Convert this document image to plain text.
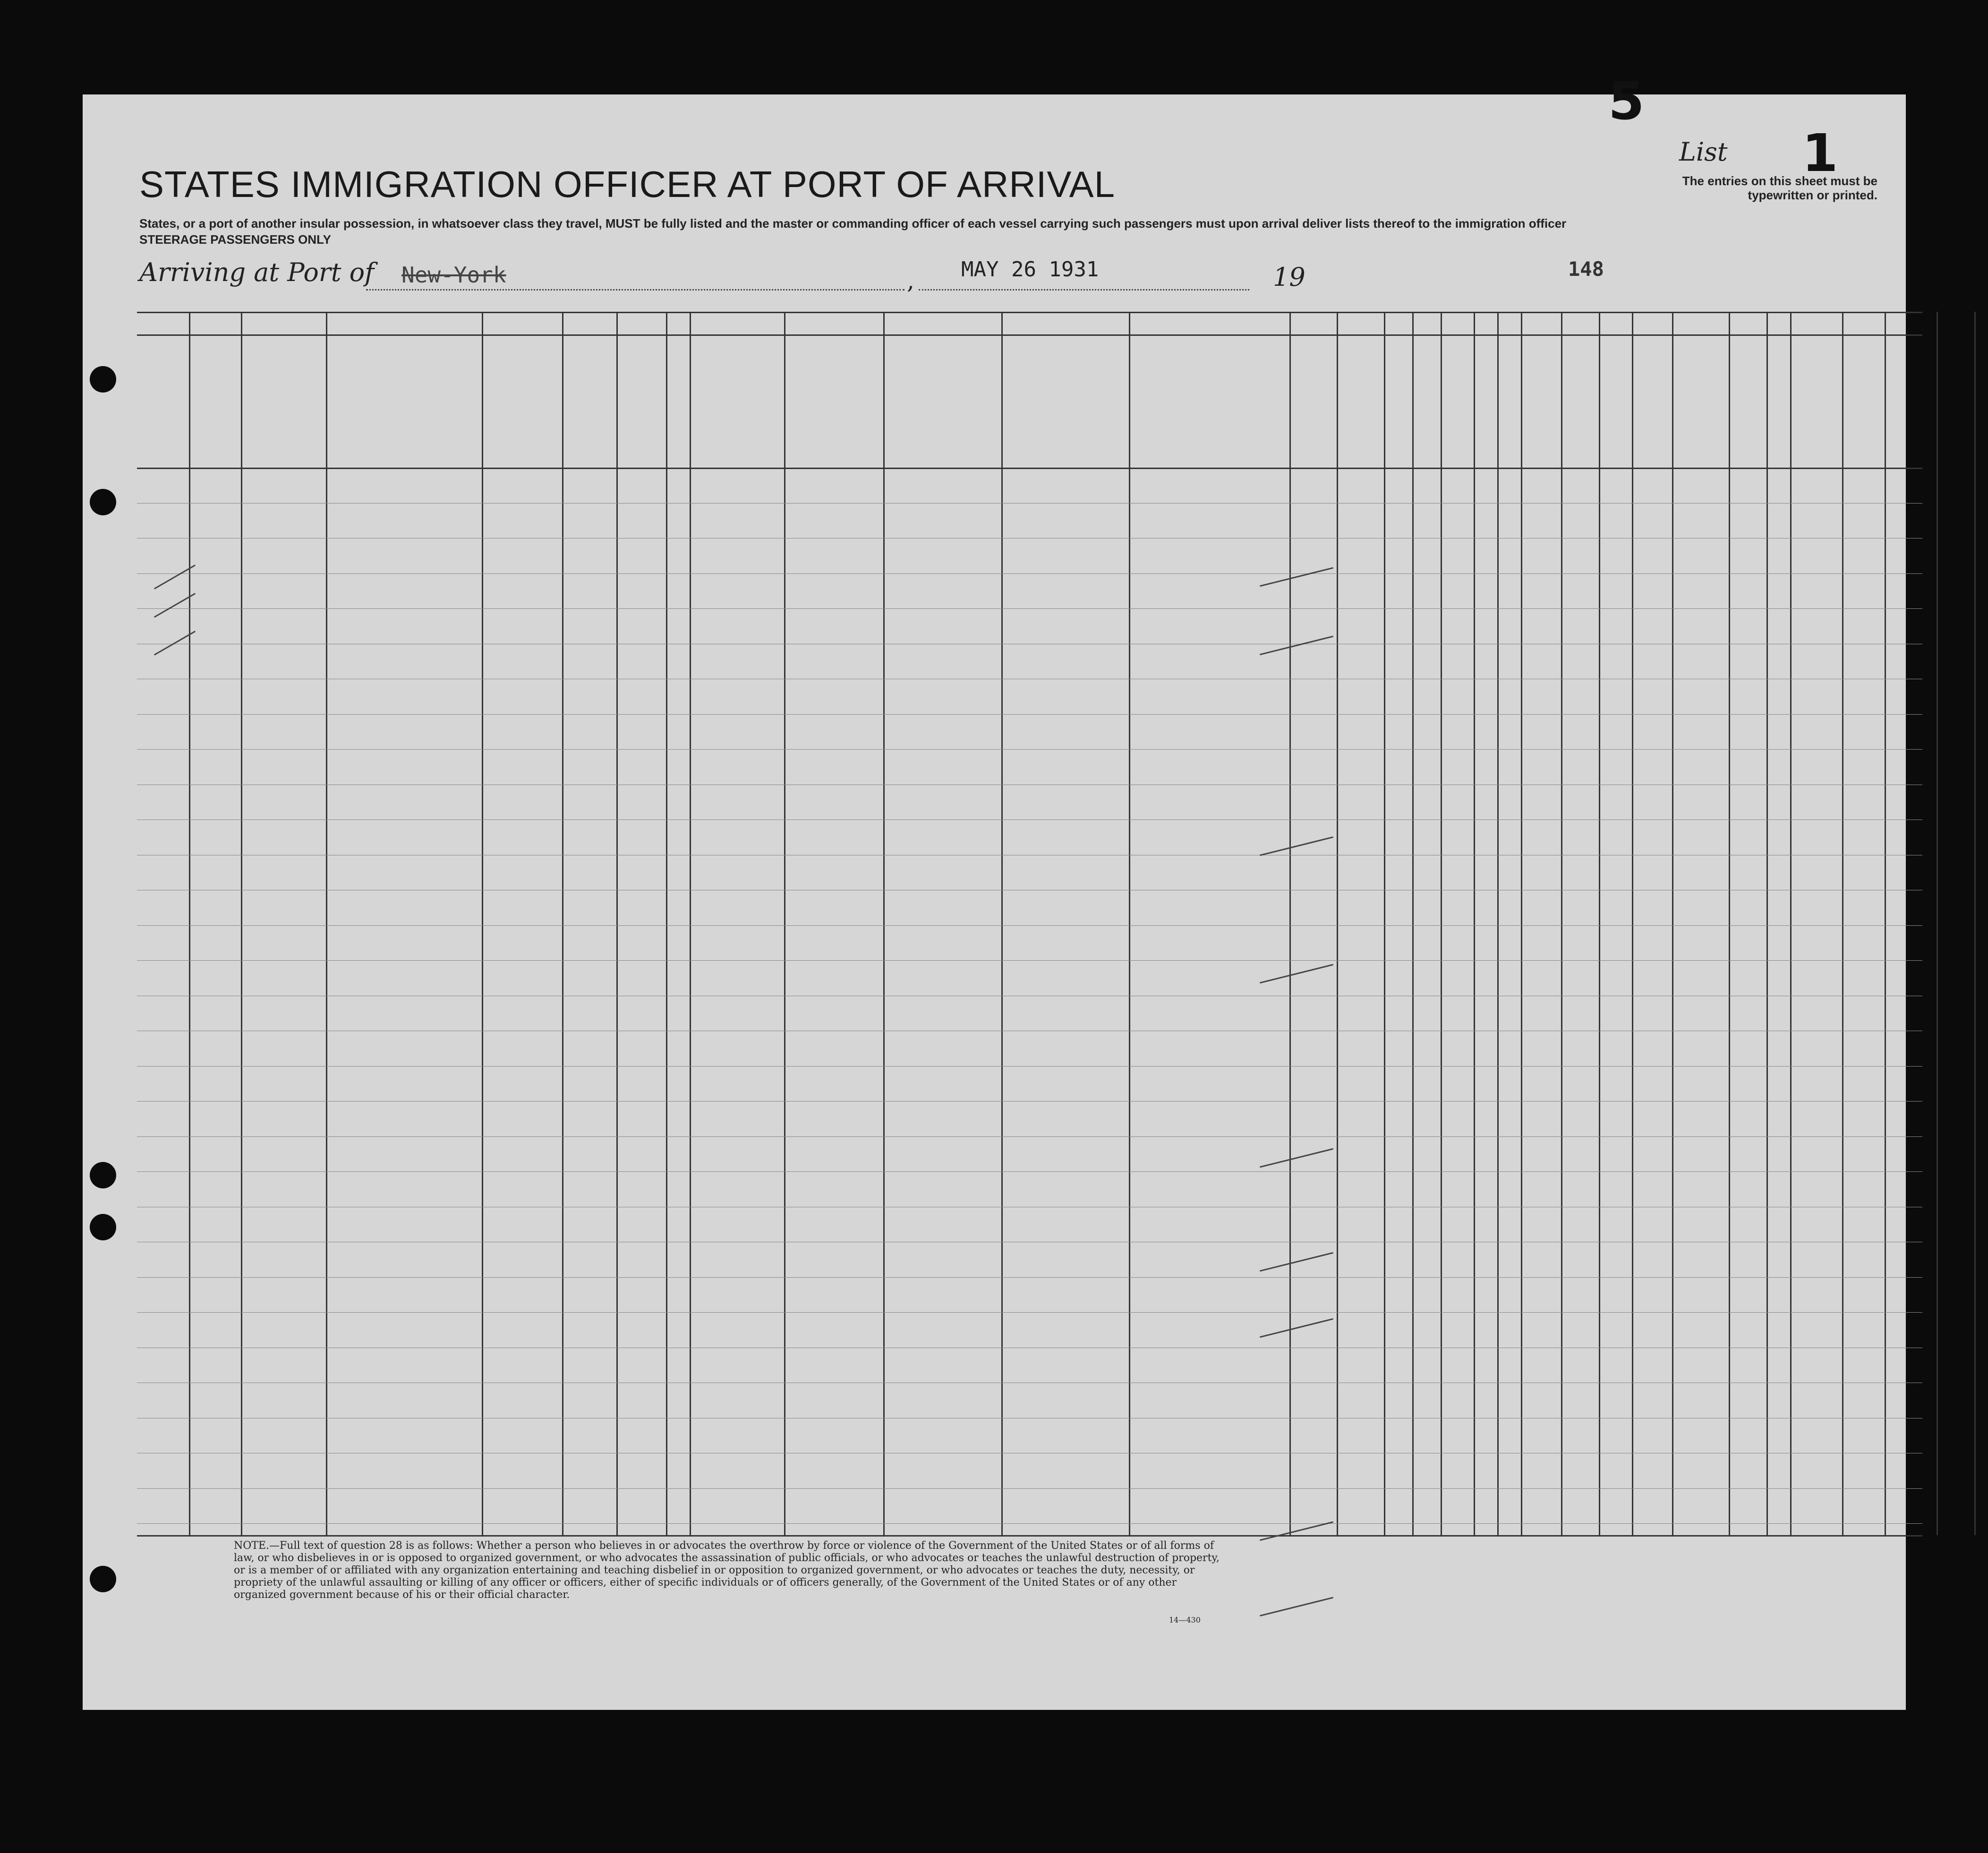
5
STATES IMMIGRATION OFFICER AT PORT OF ARRIVAL
States, or a port of another insular possession, in whatsoever class they travel, MUST be fully listed and the master or commanding officer of each vessel carrying such passengers must upon arrival deliver lists thereof to the immigration officer
STEERAGE PASSENGERS ONLY
List 1
The entries on this sheet must be typewritten or printed.
Arriving at Port of New-York	, MAY 26 1931	19	148
NOTE.—Full text of question 28 is as follows: Whether a person who believes in or advocates the overthrow by force or violence of the Government of the United States or of all forms of law, or who disbelieves in or is opposed to organized government, or who advocates the assassination of public officials, or who advocates or teaches the unlawful destruction of property, or is a member of or affiliated with any organization entertaining and teaching disbelief in or opposition to organized government, or who advocates or teaches the duty, necessity, or propriety of the unlawful assaulting or killing of any officer or officers, either of specific individuals or of officers generally, of the Government of the United States or of any other organized government because of his or their official character.
14—430
